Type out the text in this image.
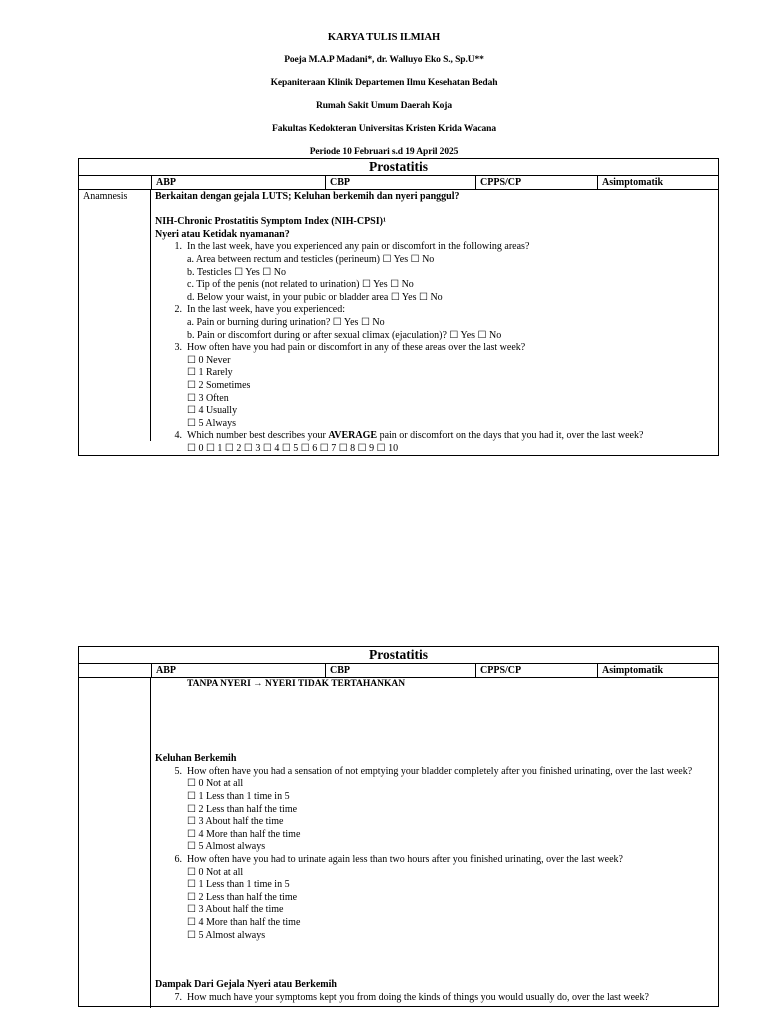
KARYA TULIS ILMIAH
Poeja M.A.P Madani*, dr. Walluyo Eko S., Sp.U**
Kepaniteraan Klinik Departemen Ilmu Kesehatan Bedah
Rumah Sakit Umum Daerah Koja
Fakultas Kedokteran Universitas Kristen Krida Wacana
Periode 10 Februari s.d 19 April 2025
Prostatitis
ABP	CBP	CPPS/CP	Asimptomatik
Anamnesis	Berkaitan dengan gejala LUTS; Keluhan berkemih dan nyeri panggul?
NIH-Chronic Prostatitis Symptom Index (NIH-CPSI)¹
Nyeri atau Ketidak nyamanan?
1. In the last week, have you experienced any pain or discomfort in the following areas?
a. Area between rectum and testicles (perineum) ☐ Yes ☐ No
b. Testicles ☐ Yes ☐ No
c. Tip of the penis (not related to urination) ☐ Yes ☐ No
d. Below your waist, in your pubic or bladder area ☐ Yes ☐ No
2. In the last week, have you experienced:
a. Pain or burning during urination? ☐ Yes ☐ No
b. Pain or discomfort during or after sexual climax (ejaculation)? ☐ Yes ☐ No
3. How often have you had pain or discomfort in any of these areas over the last week?
☐ 0 Never
☐ 1 Rarely
☐ 2 Sometimes
☐ 3 Often
☐ 4 Usually
☐ 5 Always
4. Which number best describes your AVERAGE pain or discomfort on the days that you had it, over the last week?
☐ 0 ☐ 1 ☐ 2 ☐ 3 ☐ 4 ☐ 5 ☐ 6 ☐ 7 ☐ 8 ☐ 9 ☐ 10
Prostatitis
ABP	CBP	CPPS/CP	Asimptomatik
TANPA NYERI → NYERI TIDAK TERTAHANKAN
Keluhan Berkemih
5. How often have you had a sensation of not emptying your bladder completely after you finished urinating, over the last week?
☐ 0 Not at all
☐ 1 Less than 1 time in 5
☐ 2 Less than half the time
☐ 3 About half the time
☐ 4 More than half the time
☐ 5 Almost always
6. How often have you had to urinate again less than two hours after you finished urinating, over the last week?
☐ 0 Not at all
☐ 1 Less than 1 time in 5
☐ 2 Less than half the time
☐ 3 About half the time
☐ 4 More than half the time
☐ 5 Almost always
Dampak Dari Gejala Nyeri atau Berkemih
7. How much have your symptoms kept you from doing the kinds of things you would usually do, over the last week?
